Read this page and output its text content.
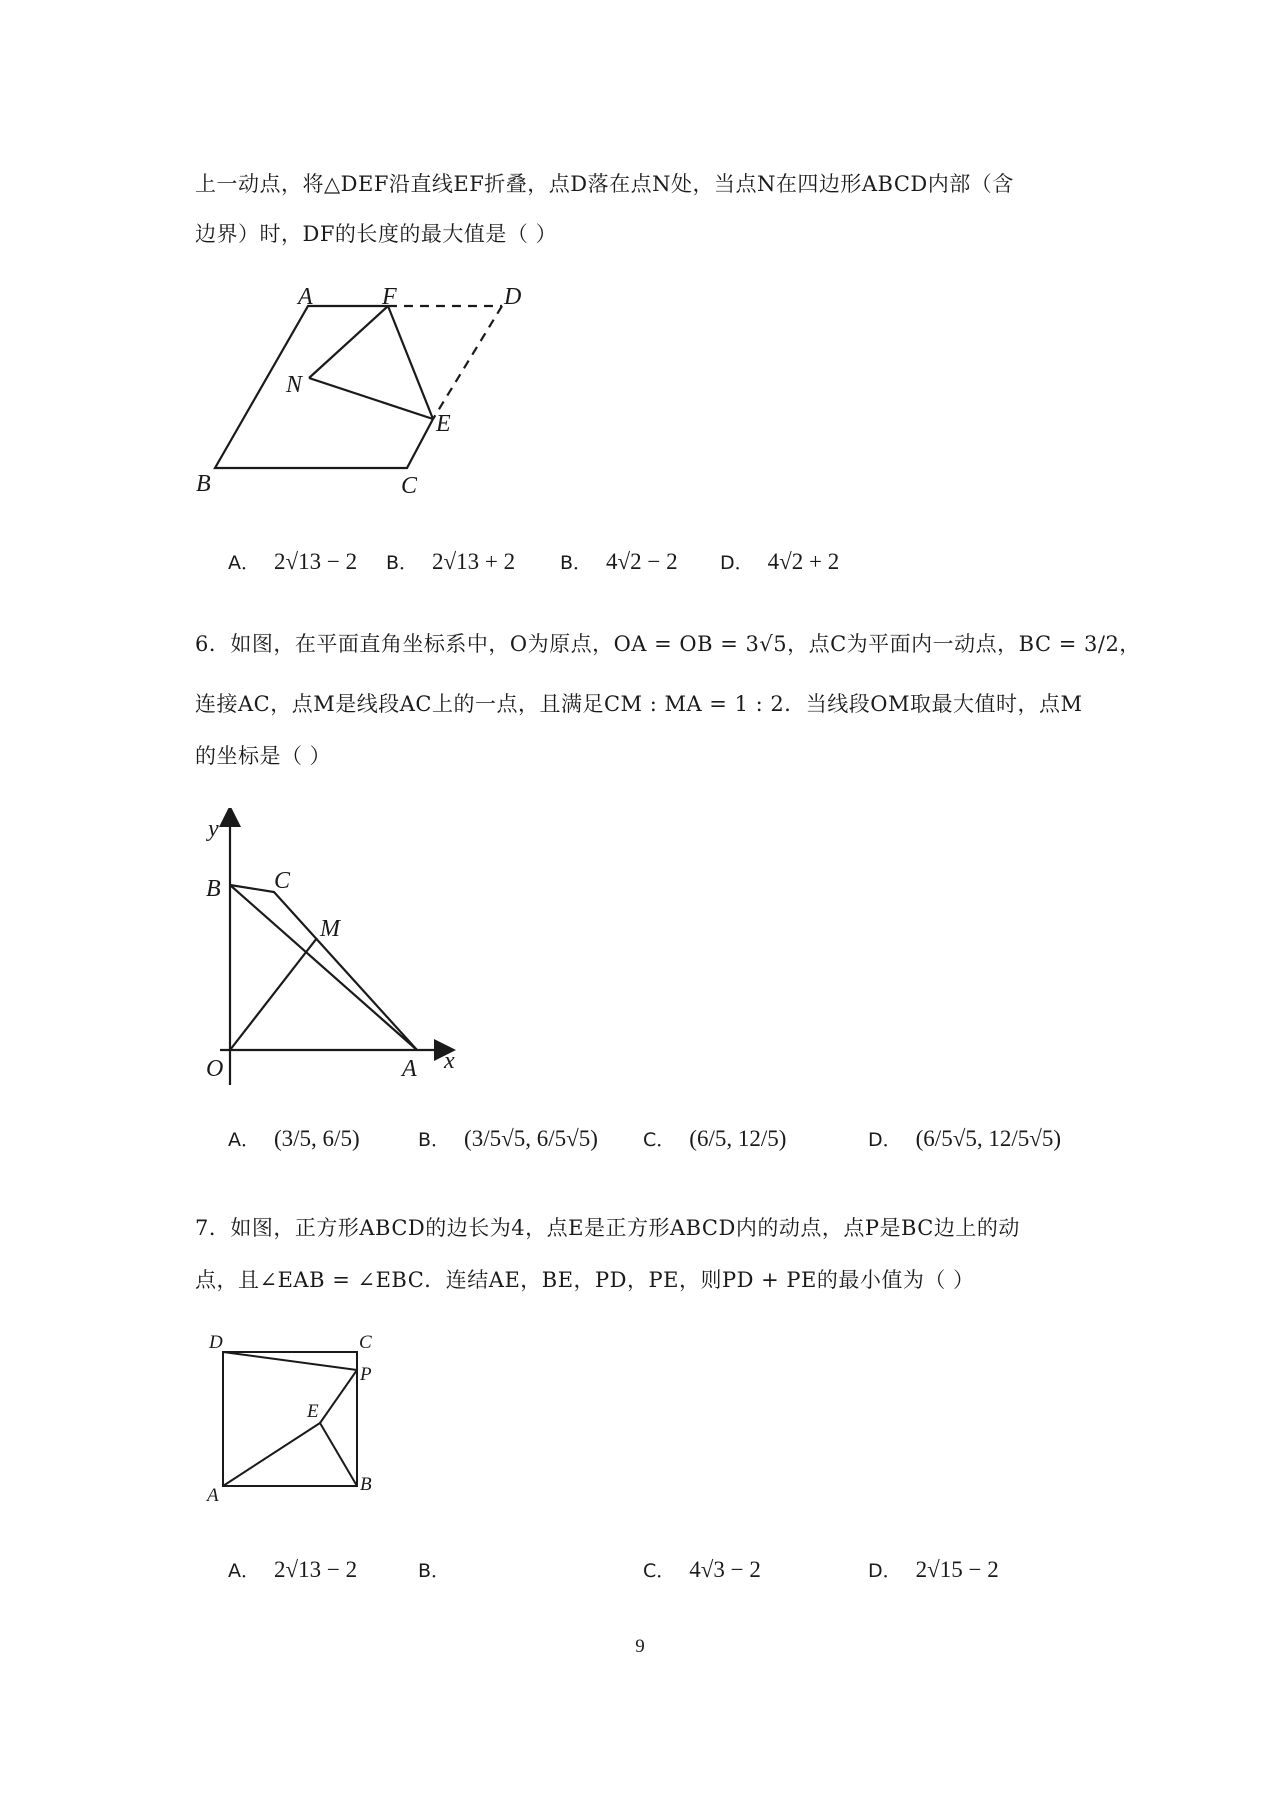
上一动点，将△DEF沿直线EF折叠，点D落在点N处，当点N在四边形ABCD内部（含
边界）时，DF的长度的最大值是（ ）
A	F	D
N
E
B	C
A． 2√13 − 2 B． 2√13 + 2 B． 4√2 − 2 D． 4√2 + 2
6．如图，在平面直角坐标系中，O为原点，OA = OB = 3√5，点C为平面内一动点，BC = 3/2，
连接AC，点M是线段AC上的一点，且满足CM : MA = 1 : 2．当线段OM取最大值时，点M
的坐标是（ ）
y
x
B C
M
O	A
A． (3/5, 6/5)	B． (3/5√5, 6/5√5) C． (6/5, 12/5)	D． (6/5√5, 12/5√5)
7．如图，正方形ABCD的边长为4，点E是正方形ABCD内的动点，点P是BC边上的动
点，且∠EAB = ∠EBC．连结AE，BE，PD，PE，则PD + PE的最小值为（ ）
D	C
P
E
A
B
A． 2√13 − 2	B．	C． 4√3 − 2	D． 2√15 − 2
9
